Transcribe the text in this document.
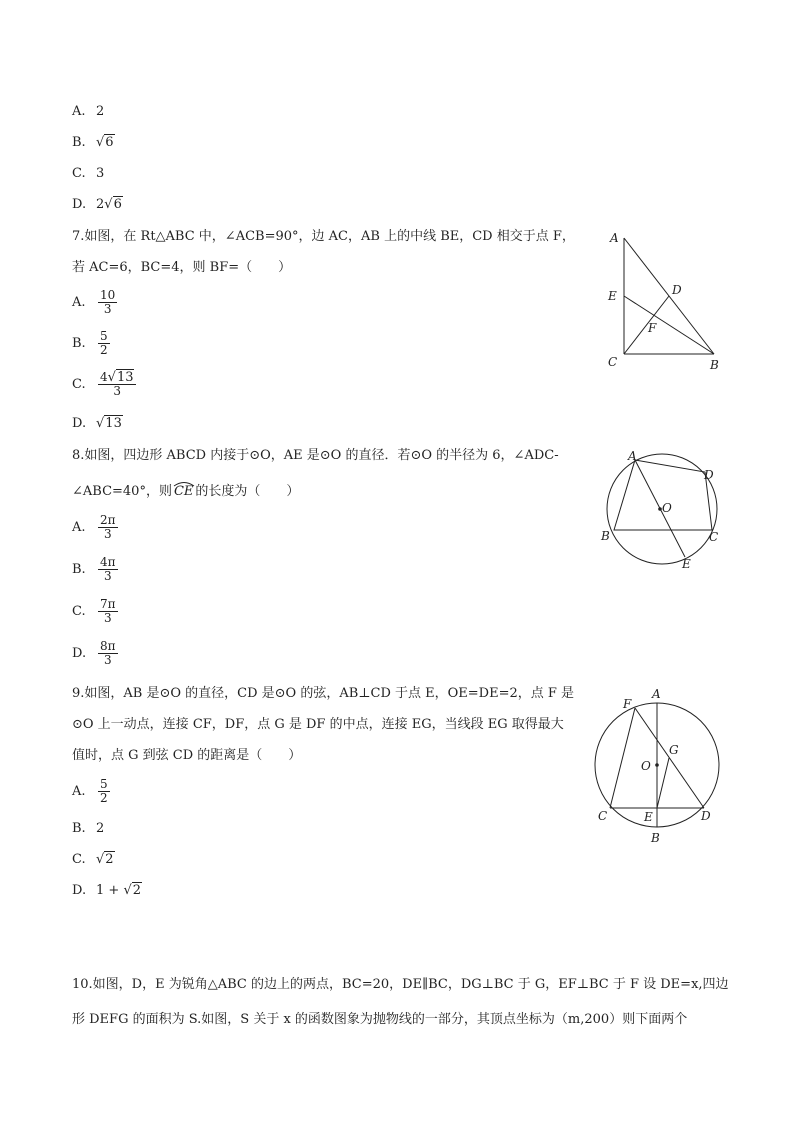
A. 2
B. √6
C. 3
D. 2√6
7.如图，在 Rt△ABC 中，∠ACB=90°，边 AC，AB 上的中线 BE，CD 相交于点 F，
若 AC=6，BC=4，则 BF=（　　）
A. $\frac{10}{3}$
B. $\frac{5}{2}$
C. $\frac{4√13}{3}$
D. √13
A
E	D
F
C	B
8.如图，四边形 ABCD 内接于⊙O，AE 是⊙O 的直径．若⊙O 的半径为 6，∠ADC-
∠ABC=40°，则 CE 的长度为（　　）
A. $\frac{2\pi}{3}$
B. $\frac{4\pi}{3}$
C. $\frac{7\pi}{3}$
D. $\frac{8\pi}{3}$
A
D
O
B	C
E
9.如图，AB 是⊙O 的直径，CD 是⊙O 的弦，AB⊥CD 于点 E，OE=DE=2，点 F 是
⊙O 上一动点，连接 CF，DF，点 G 是 DF 的中点，连接 EG，当线段 EG 取得最大
值时，点 G 到弦 CD 的距离是（　　）
A. $\frac{5}{2}$
B. 2
C. √2
D. 1 + √2
F
A
G
O
C	E	D
B
10.如图，D，E 为锐角△ABC 的边上的两点，BC=20，DE∥BC，DG⊥BC 于 G，EF⊥BC 于 F 设 DE=x,四边
形 DEFG 的面积为 S.如图，S 关于 x 的函数图象为抛物线的一部分，其顶点坐标为（m,200）则下面两个
